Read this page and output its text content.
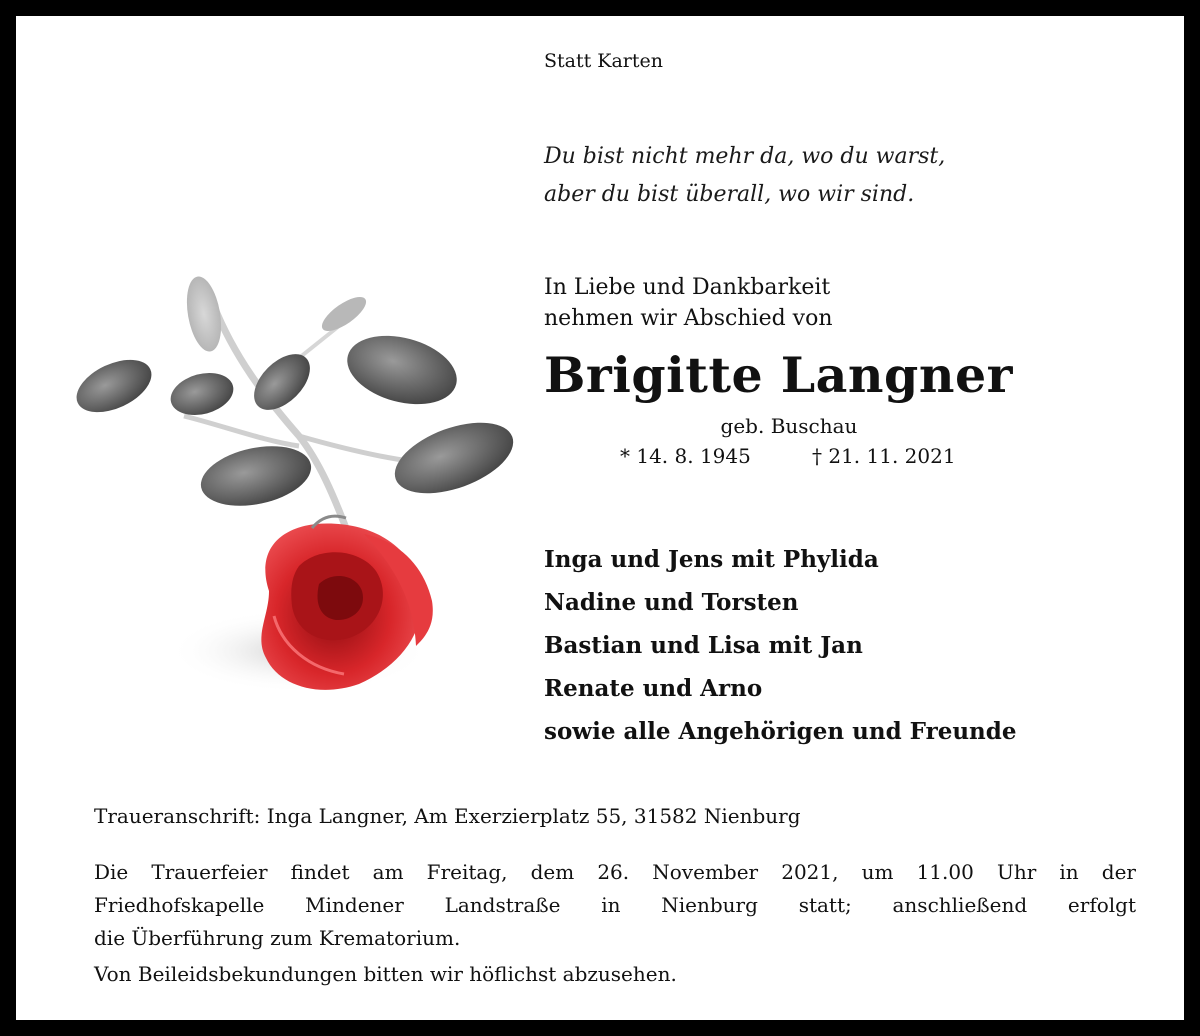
Statt Karten
Du bist nicht mehr da, wo du warst,
aber du bist überall, wo wir sind.
In Liebe und Dankbarkeit
nehmen wir Abschied von
Brigitte Langner
geb. Buschau
* 14. 8. 1945	† 21. 11. 2021
Inga und Jens mit Phylida
Nadine und Torsten
Bastian und Lisa mit Jan
Renate und Arno
sowie alle Angehörigen und Freunde
Traueranschrift: Inga Langner, Am Exerzierplatz 55, 31582 Nienburg
Die Trauerfeier findet am Freitag, dem 26. November 2021, um 11.00 Uhr in der
Friedhofskapelle Mindener Landstraße in Nienburg statt; anschließend erfolgt
die Überführung zum Krematorium.
Von Beileidsbekundungen bitten wir höflichst abzusehen.
